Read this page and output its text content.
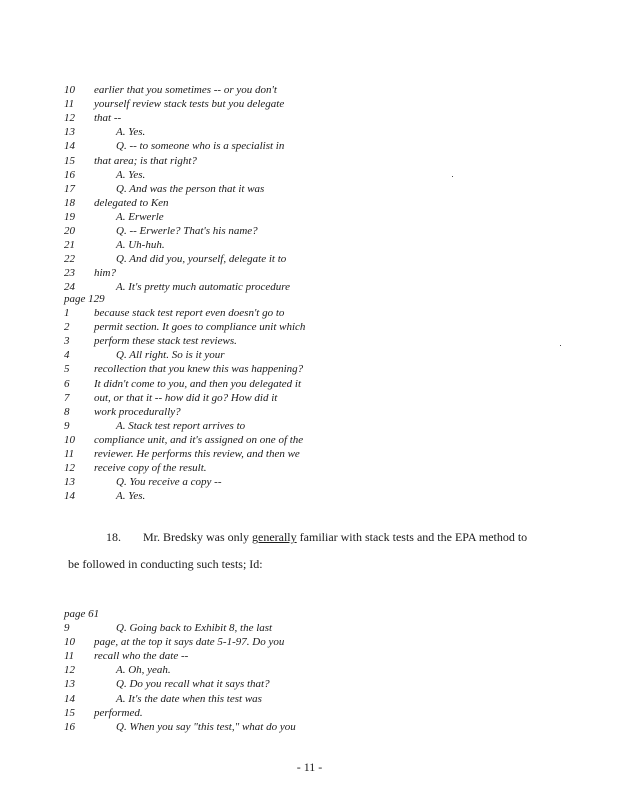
10	earlier that you sometimes -- or you don't
11	yourself review stack tests but you delegate
12	that --
13	A. Yes.
14	Q. -- to someone who is a specialist in
15	that area; is that right?
16	A. Yes.
17	Q. And was the person that it was
18	delegated to Ken
19	A. Erwerle
20	Q. -- Erwerle? That's his name?
21	A. Uh-huh.
22	Q. And did you, yourself, delegate it to
23	him?
24	A. It's pretty much automatic procedure
page 129
1	because stack test report even doesn't go to
2	permit section. It goes to compliance unit which
3	perform these stack test reviews.
4	Q. All right. So is it your
5	recollection that you knew this was happening?
6	It didn't come to you, and then you delegated it
7	out, or that it -- how did it go? How did it
8	work procedurally?
9	A. Stack test report arrives to
10	compliance unit, and it's assigned on one of the
11	reviewer. He performs this review, and then we
12	receive copy of the result.
13	Q. You receive a copy --
14	A. Yes.
18. Mr. Bredsky was only generally familiar with stack tests and the EPA method to
be followed in conducting such tests; Id:
page 61
9	Q. Going back to Exhibit 8, the last
10	page, at the top it says date 5-1-97. Do you
11	recall who the date --
12	A. Oh, yeah.
13	Q. Do you recall what it says that?
14	A. It's the date when this test was
15	performed.
16	Q. When you say "this test," what do you
- 11 -
